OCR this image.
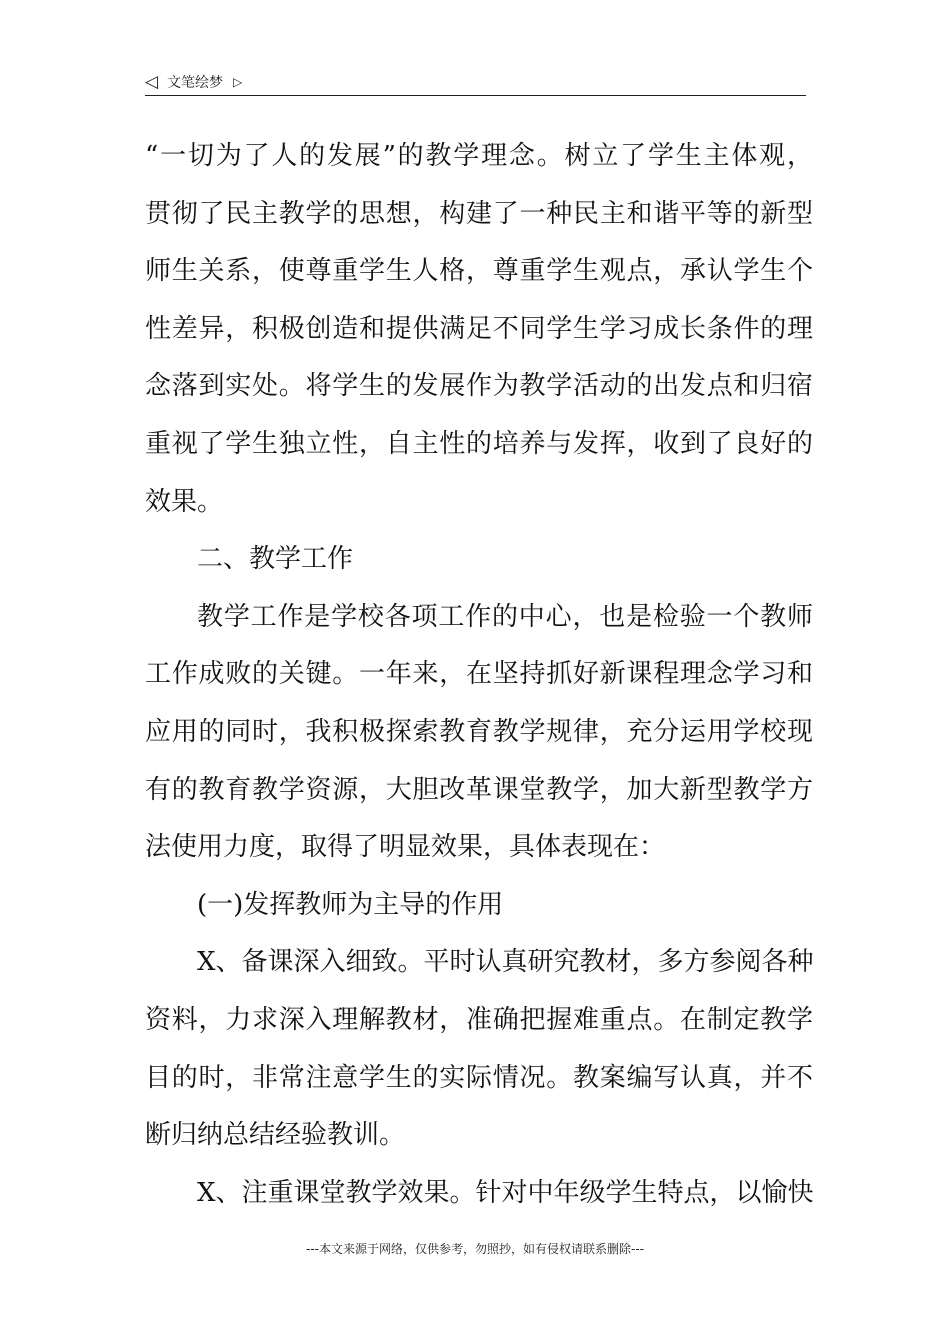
◁ 文笔绘梦 ▷
“一切为了人的发展”的教学理念。树立了学生主体观，
贯彻了民主教学的思想，构建了一种民主和谐平等的新型
师生关系，使尊重学生人格，尊重学生观点，承认学生个
性差异，积极创造和提供满足不同学生学习成长条件的理
念落到实处。将学生的发展作为教学活动的出发点和归宿
重视了学生独立性，自主性的培养与发挥，收到了良好的
效果。
二、教学工作
教学工作是学校各项工作的中心，也是检验一个教师
工作成败的关键。一年来，在坚持抓好新课程理念学习和
应用的同时，我积极探索教育教学规律，充分运用学校现
有的教育教学资源，大胆改革课堂教学，加大新型教学方
法使用力度，取得了明显效果，具体表现在：
(一)发挥教师为主导的作用
X、备课深入细致。平时认真研究教材，多方参阅各种
资料，力求深入理解教材，准确把握难重点。在制定教学
目的时，非常注意学生的实际情况。教案编写认真，并不
断归纳总结经验教训。
X、注重课堂教学效果。针对中年级学生特点，以愉快
---本文来源于网络，仅供参考，勿照抄，如有侵权请联系删除---
